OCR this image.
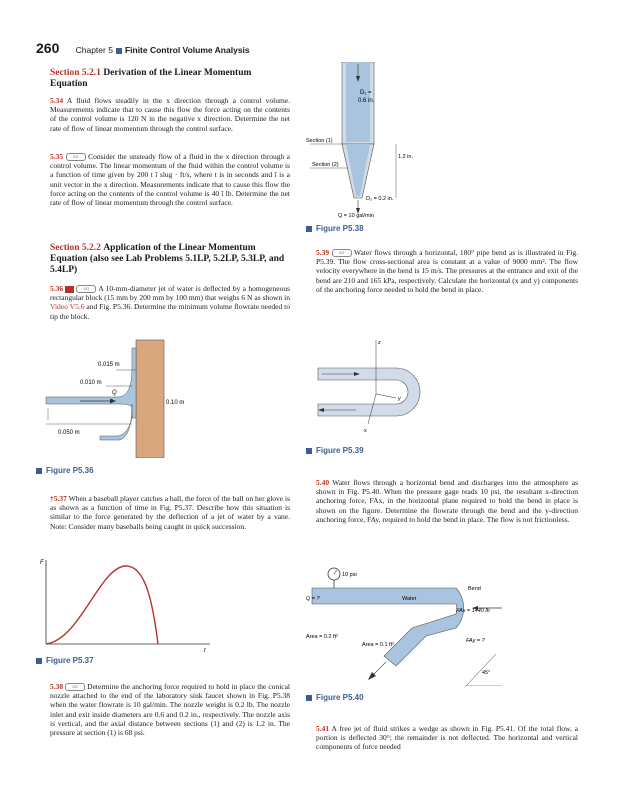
260 Chapter 5 Finite Control Volume Analysis
Section 5.2.1 Derivation of the Linear Momentum Equation
5.34 A fluid flows steadily in the x direction through a control volume. Measurements indicate that to cause this flow the force acting on the contents of the control volume is 120 N in the negative x direction. Determine the net rate of flow of linear momentum through the control surface.
5.35	GO Consider the unsteady flow of a fluid in the x direction through a control volume. The linear momentum of the fluid within the control volume is a function of time given by 200 t î slug · ft/s, where t is in seconds and î is a unit vector in the x direction. Measurements indicate that to cause this flow the force acting on the contents of the control volume is 40 î lb. Determine the net rate of flow of linear momentum through the control surface.
Section 5.2.2 Application of the Linear Momentum Equation (also see Lab Problems 5.1LP, 5.2LP, 5.3LP, and 5.4LP)
5.36	GO A 10-mm-diameter jet of water is deflected by a homogeneous rectangular block (15 mm by 200 mm by 100 mm) that weighs 6 N as shown in Video V5.6 and Fig. P5.36. Determine the minimum volume flowrate needed to tip the block.
0.015 m
0.010 m
0.10 m
0.050 m
Q
Figure P5.36
†5.37 When a baseball player catches a ball, the force of the ball on her glove is as shown as a function of time in Fig. P5.37. Describe how this situation is similar to the force generated by the deflection of a jet of water by a vane. Note: Consider many baseballs being caught in quick succession.
F
t
Figure P5.37
5.38	GO Determine the anchoring force required to hold in place the conical nozzle attached to the end of the laboratory sink faucet shown in Fig. P5.38 when the water flowrate is 10 gal/min. The nozzle weight is 0.2 lb. The nozzle inlet and exit inside diameters are 0.6 and 0.2 in., respectively. The nozzle axis is vertical, and the axial distance between sections (1) and (2) is 1.2 in. The pressure at section (1) is 68 psi.
D₁ =
0.6 in.
Section (1)
Section (2)
1.2 in.
D₂ = 0.2 in.
Q = 10 gal/min
Figure P5.38
5.39	GO Water flows through a horizontal, 180° pipe bend as is illustrated in Fig. P5.39. The flow cross-sectional area is constant at a value of 9000 mm². The flow velocity everywhere in the bend is 15 m/s. The pressures at the entrance and exit of the bend are 210 and 165 kPa, respectively. Calculate the horizontal (x and y) components of the anchoring force needed to hold the bend in place.
z
y
x
Figure P5.39
5.40 Water flows through a horizontal bend and discharges into the atmosphere as shown in Fig. P5.40. When the pressure gage reads 10 psi, the resultant x-direction anchoring force, FAx, in the horizontal plane required to hold the bend in place is shown on the figure. Determine the flowrate through the bend and the y-direction anchoring force, FAy, required to hold the bend in place. The flow is not frictionless.
10 psi
Bend
Q = ?	Water
FAx = 1440 lb
FAy = ?
Area = 0.2 ft²
Area = 0.1 ft²
45°
Figure P5.40
5.41 A free jet of fluid strikes a wedge as shown in Fig. P5.41. Of the total flow, a portion is deflected 30°; the remainder is not deflected. The horizontal and vertical components of force needed
